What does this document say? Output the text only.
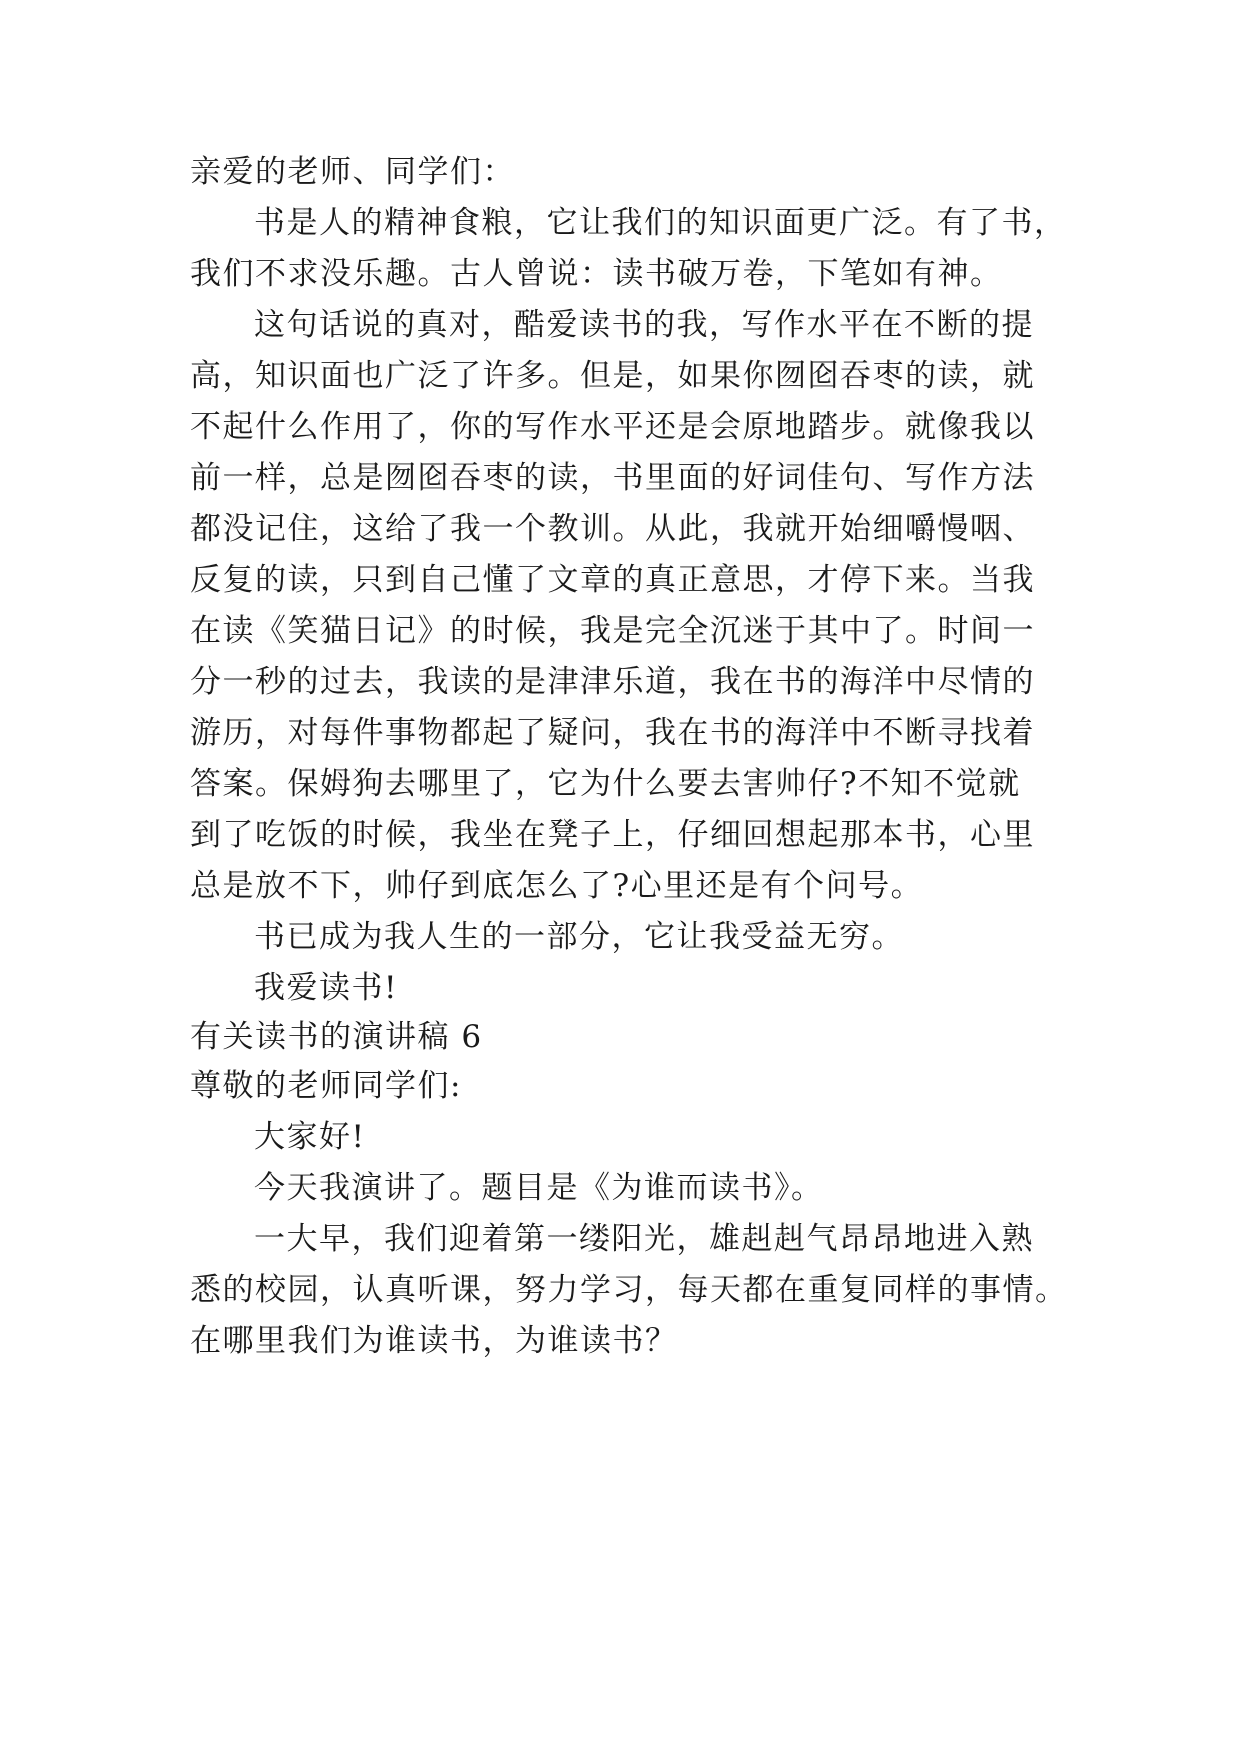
亲爱的老师、同学们：
书是人的精神食粮，它让我们的知识面更广泛。有了书，
我们不求没乐趣。古人曾说：读书破万卷，下笔如有神。
这句话说的真对，酷爱读书的我，写作水平在不断的提
高，知识面也广泛了许多。但是，如果你囫囵吞枣的读，就
不起什么作用了，你的写作水平还是会原地踏步。就像我以
前一样，总是囫囵吞枣的读，书里面的好词佳句、写作方法
都没记住，这给了我一个教训。从此，我就开始细嚼慢咽、
反复的读，只到自己懂了文章的真正意思，才停下来。当我
在读《笑猫日记》的时候，我是完全沉迷于其中了。时间一
分一秒的过去，我读的是津津乐道，我在书的海洋中尽情的
游历，对每件事物都起了疑问，我在书的海洋中不断寻找着
答案。保姆狗去哪里了，它为什么要去害帅仔?不知不觉就
到了吃饭的时候，我坐在凳子上，仔细回想起那本书，心里
总是放不下，帅仔到底怎么了?心里还是有个问号。
书已成为我人生的一部分，它让我受益无穷。
我爱读书!
有关读书的演讲稿 6
尊敬的老师同学们:
大家好!
今天我演讲了。题目是《为谁而读书》。
一大早，我们迎着第一缕阳光，雄赳赳气昂昂地进入熟
悉的校园，认真听课，努力学习，每天都在重复同样的事情。
在哪里我们为谁读书，为谁读书？
